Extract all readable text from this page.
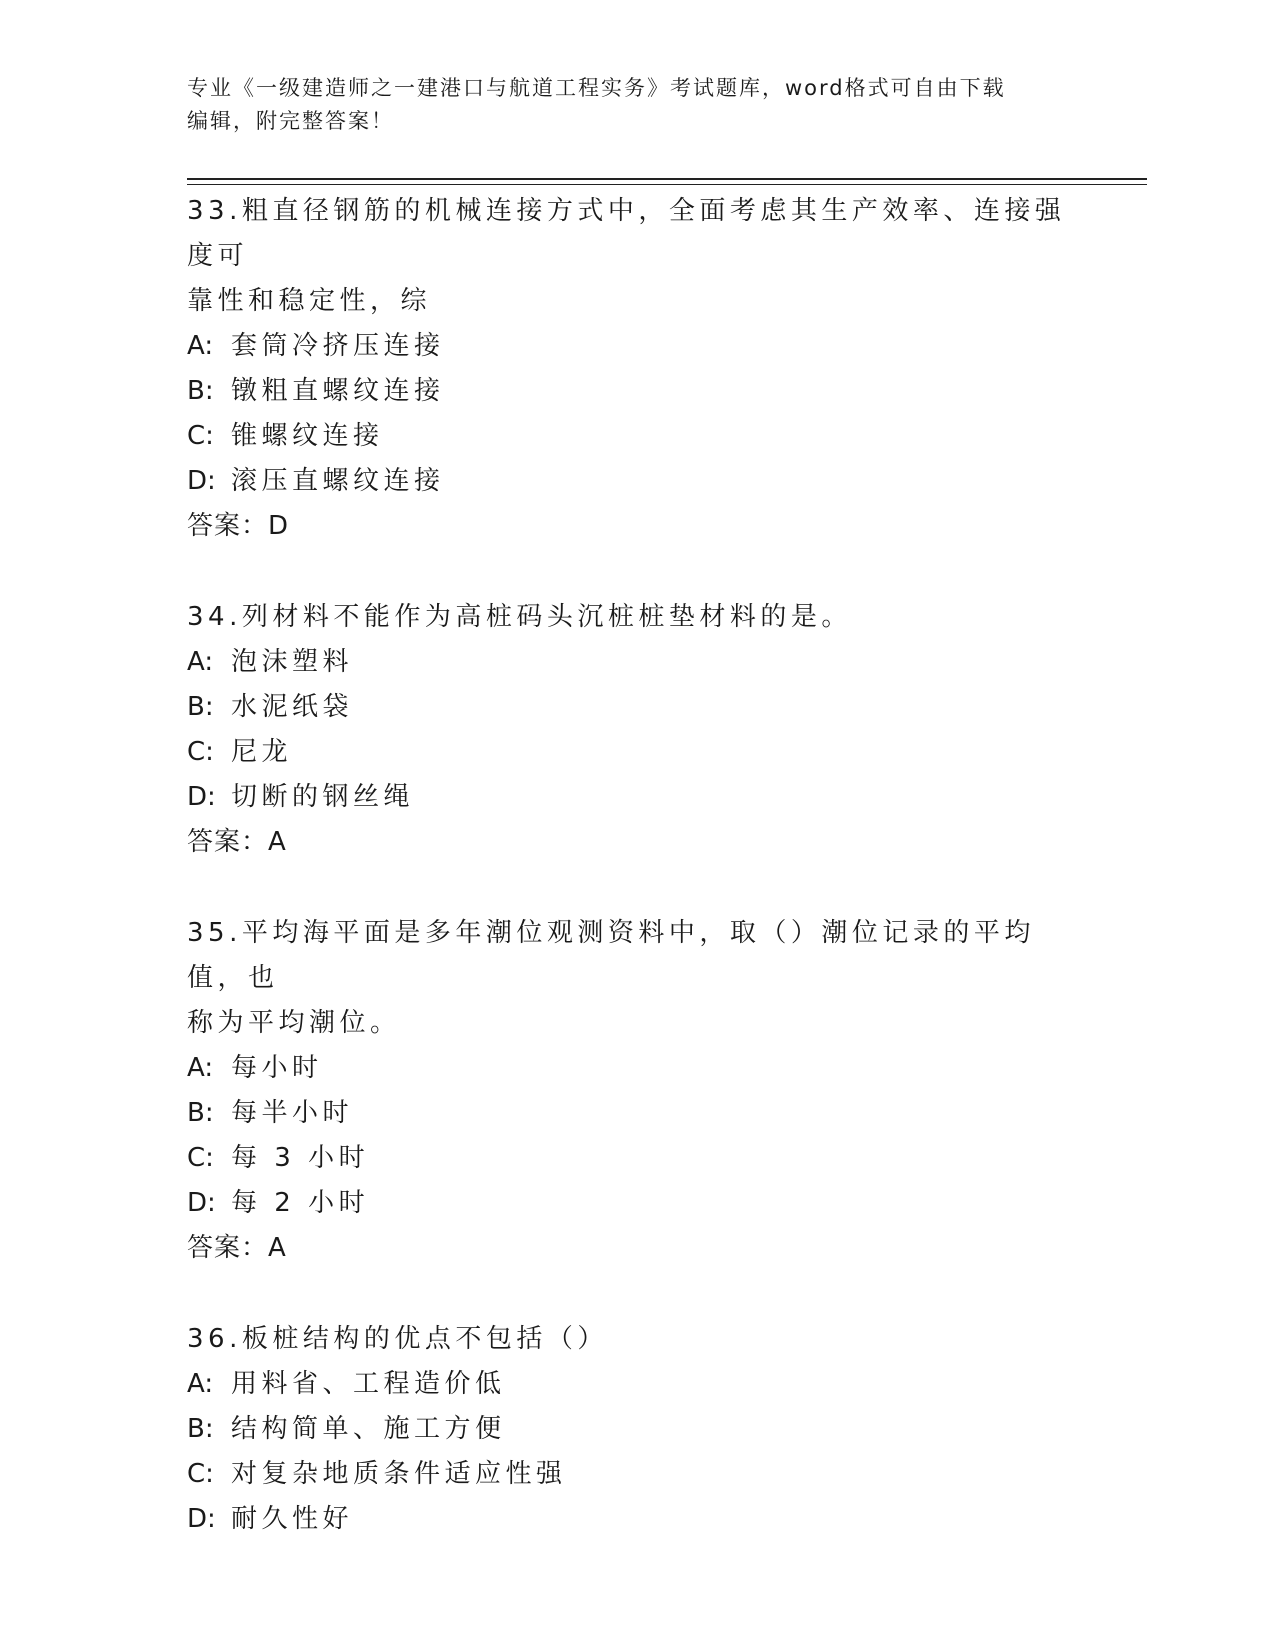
专业《一级建造师之一建港口与航道工程实务》考试题库，word格式可自由下载
编辑，附完整答案！
33.粗直径钢筋的机械连接方式中，全面考虑其生产效率、连接强度可
靠性和稳定性，综
A: 套筒冷挤压连接
B: 镦粗直螺纹连接
C: 锥螺纹连接
D: 滚压直螺纹连接
答案：D
34.列材料不能作为高桩码头沉桩桩垫材料的是。
A: 泡沫塑料
B: 水泥纸袋
C: 尼龙
D: 切断的钢丝绳
答案：A
35.平均海平面是多年潮位观测资料中，取（）潮位记录的平均值，也
称为平均潮位。
A: 每小时
B: 每半小时
C: 每 3 小时
D: 每 2 小时
答案：A
36.板桩结构的优点不包括（）
A: 用料省、工程造价低
B: 结构简单、施工方便
C: 对复杂地质条件适应性强
D: 耐久性好
